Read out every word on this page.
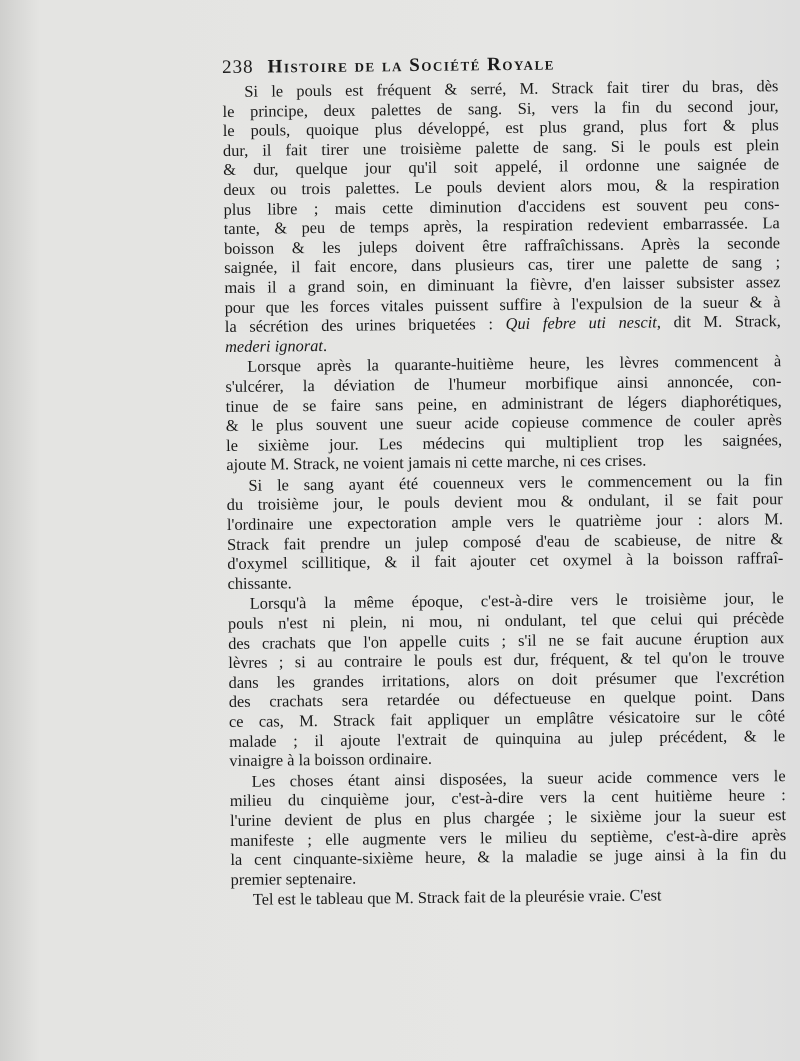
238 Histoire de la Société Royale

Si le pouls est fréquent & serré, M. Strack fait tirer du bras, dès
le principe, deux palettes de sang. Si, vers la fin du second jour,
le pouls, quoique plus développé, est plus grand, plus fort & plus
dur, il fait tirer une troisième palette de sang. Si le pouls est plein
& dur, quelque jour qu'il soit appelé, il ordonne une saignée de
deux ou trois palettes. Le pouls devient alors mou, & la respiration
plus libre ; mais cette diminution d'accidens est souvent peu cons-
tante, & peu de temps après, la respiration redevient embarrassée. La
boisson & les juleps doivent être raffraîchissans. Après la seconde
saignée, il fait encore, dans plusieurs cas, tirer une palette de sang ;
mais il a grand soin, en diminuant la fièvre, d'en laisser subsister assez
pour que les forces vitales puissent suffire à l'expulsion de la sueur & à
la sécrétion des urines briquetées : Qui febre uti nescit, dit M. Strack,
mederi ignorat.

Lorsque après la quarante-huitième heure, les lèvres commencent à
s'ulcérer, la déviation de l'humeur morbifique ainsi annoncée, con-
tinue de se faire sans peine, en administrant de légers diaphorétiques,
& le plus souvent une sueur acide copieuse commence de couler après
le sixième jour. Les médecins qui multiplient trop les saignées,
ajoute M. Strack, ne voient jamais ni cette marche, ni ces crises.

Si le sang ayant été couenneux vers le commencement ou la fin
du troisième jour, le pouls devient mou & ondulant, il se fait pour
l'ordinaire une expectoration ample vers le quatrième jour : alors M.
Strack fait prendre un julep composé d'eau de scabieuse, de nitre &
d'oxymel scillitique, & il fait ajouter cet oxymel à la boisson raffraî-
chissante.

Lorsqu'à la même époque, c'est-à-dire vers le troisième jour, le
pouls n'est ni plein, ni mou, ni ondulant, tel que celui qui précède
des crachats que l'on appelle cuits ; s'il ne se fait aucune éruption aux
lèvres ; si au contraire le pouls est dur, fréquent, & tel qu'on le trouve
dans les grandes irritations, alors on doit présumer que l'excrétion
des crachats sera retardée ou défectueuse en quelque point. Dans
ce cas, M. Strack fait appliquer un emplâtre vésicatoire sur le côté
malade ; il ajoute l'extrait de quinquina au julep précédent, & le
vinaigre à la boisson ordinaire.

Les choses étant ainsi disposées, la sueur acide commence vers le
milieu du cinquième jour, c'est-à-dire vers la cent huitième heure :
l'urine devient de plus en plus chargée ; le sixième jour la sueur est
manifeste ; elle augmente vers le milieu du septième, c'est-à-dire après
la cent cinquante-sixième heure, & la maladie se juge ainsi à la fin du
premier septenaire.

Tel est le tableau que M. Strack fait de la pleurésie vraie. C'est
